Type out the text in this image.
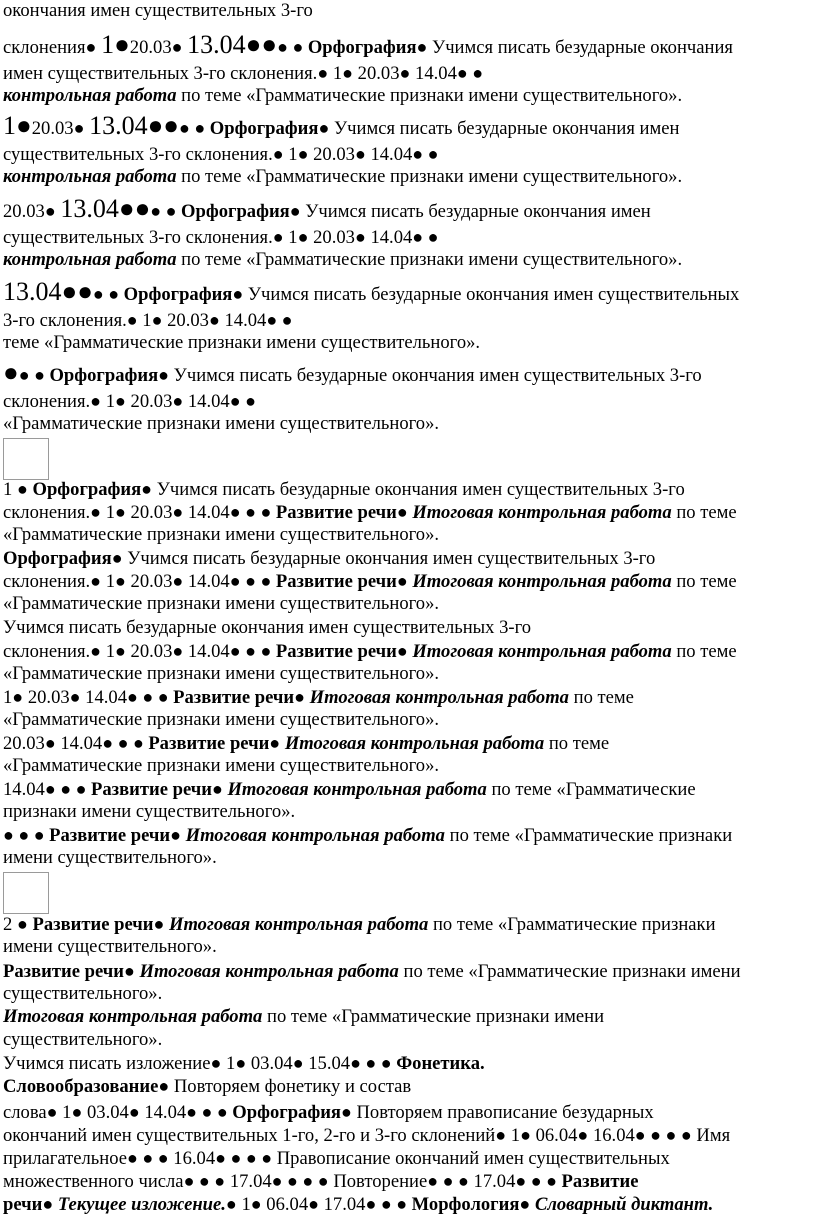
окончания имен существительных 3-го
склонения● 1●20.03● 13.04●●● ● Орфография● Учимся писать безударные окончания
имен существительных 3-го склонения.● 1● 20.03● 14.04● ●
контрольная работа по теме «Грамматические признаки имени существительного».
1●20.03● 13.04●●● ● Орфография● Учимся писать безударные окончания имен
существительных 3-го склонения.● 1● 20.03● 14.04● ●
контрольная работа по теме «Грамматические признаки имени существительного».
20.03● 13.04●●● ● Орфография● Учимся писать безударные окончания имен
существительных 3-го склонения.● 1● 20.03● 14.04● ●
контрольная работа по теме «Грамматические признаки имени существительного».
13.04●●● ● Орфография● Учимся писать безударные окончания имен существительных
3-го склонения.● 1● 20.03● 14.04● ●
теме «Грамматические признаки имени существительного».
●● ● Орфография● Учимся писать безударные окончания имен существительных 3-го
склонения.● 1● 20.03● 14.04● ●
«Грамматические признаки имени существительного».
1 ● Орфография● Учимся писать безударные окончания имен существительных 3-го
склонения.● 1● 20.03● 14.04● ● ● Развитие речи● Итоговая контрольная работа по теме
«Грамматические признаки имени существительного».
Орфография● Учимся писать безударные окончания имен существительных 3-го
склонения.● 1● 20.03● 14.04● ● ● Развитие речи● Итоговая контрольная работа по теме
«Грамматические признаки имени существительного».
Учимся писать безударные окончания имен существительных 3-го
склонения.● 1● 20.03● 14.04● ● ● Развитие речи● Итоговая контрольная работа по теме
«Грамматические признаки имени существительного».
1● 20.03● 14.04● ● ● Развитие речи● Итоговая контрольная работа по теме
«Грамматические признаки имени существительного».
20.03● 14.04● ● ● Развитие речи● Итоговая контрольная работа по теме
«Грамматические признаки имени существительного».
14.04● ● ● Развитие речи● Итоговая контрольная работа по теме «Грамматические
признаки имени существительного».
● ● ● Развитие речи● Итоговая контрольная работа по теме «Грамматические признаки
имени существительного».
2 ● Развитие речи● Итоговая контрольная работа по теме «Грамматические признаки
имени существительного».
Развитие речи● Итоговая контрольная работа по теме «Грамматические признаки имени
существительного».
Итоговая контрольная работа по теме «Грамматические признаки имени
существительного».
Учимся писать изложение● 1● 03.04● 15.04● ● ● Фонетика.
Словообразование● Повторяем фонетику и состав
слова● 1● 03.04● 14.04● ● ● Орфография● Повторяем правописание безударных
окончаний имен существительных 1-го, 2-го и 3-го склонений● 1● 06.04● 16.04● ● ● ● Имя
прилагательное● ● ● 16.04● ● ● ● Правописание окончаний имен существительных
множественного числа● ● ● 17.04● ● ● ● Повторение● ● ● 17.04● ● ● Развитие
речи● Текущее изложение.● 1● 06.04● 17.04● ● ● Морфология● Словарный диктант.
